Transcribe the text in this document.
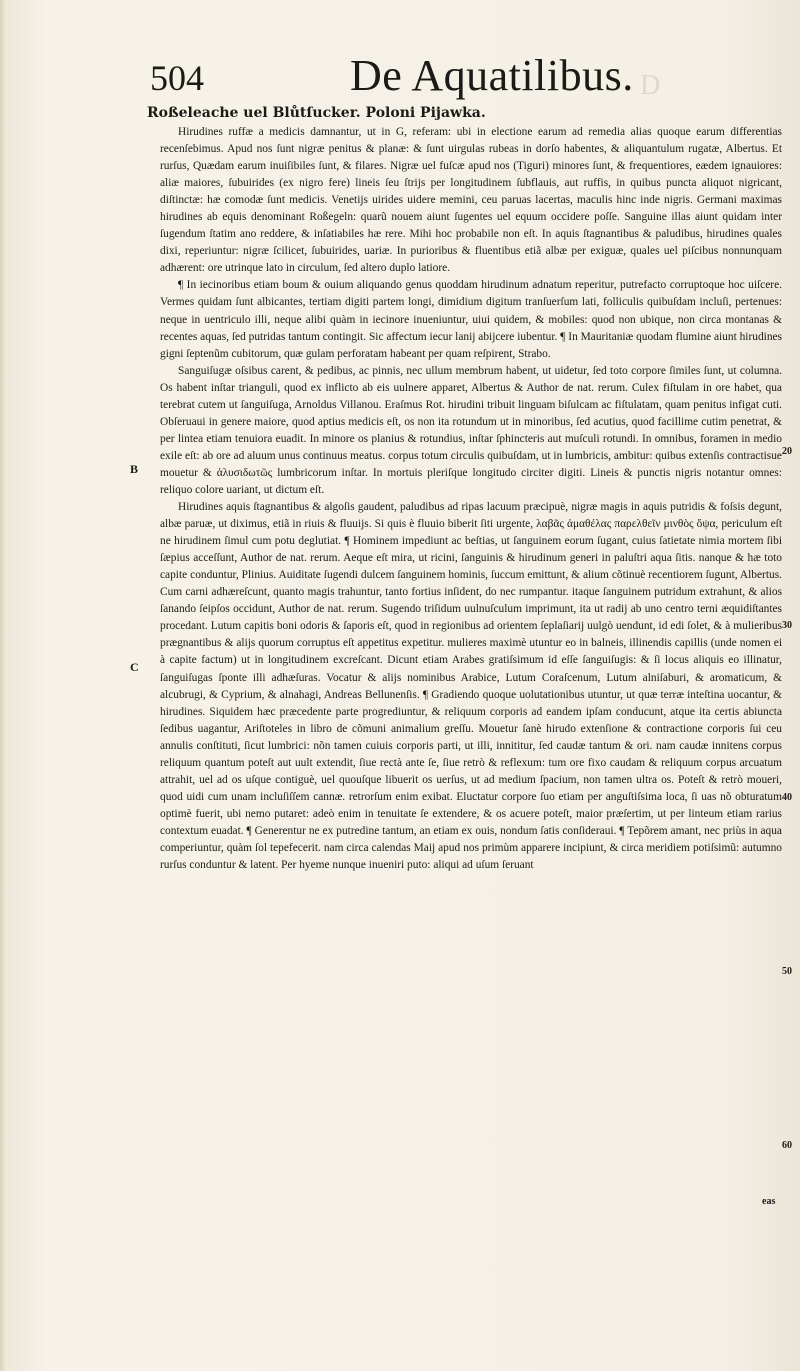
D
504	De Aquatilibus.
Roßeleache uel Blůtſucker. Poloni Pijawka.

Hirudines ruffæ a medicis damnantur, ut in G, referam: ubi in electione earum ad remedia alias quoque earum differentias recenſebimus. Apud nos ſunt nigræ penitus & planæ: & ſunt uirgulas rubeas in dorſo habentes, & aliquantulum rugatæ, Albertus. Et rurſus, Quædam earum inuiſibiles ſunt, & filares. Nigræ uel fuſcæ apud nos (Tiguri) minores ſunt, & frequentiores, eædem ignauiores: aliæ maiores, ſubuirides (ex nigro fere) lineis ſeu ſtrijs per longitudinem ſubflauis, aut ruffis, in quibus puncta aliquot nigricant, diſtinctæ: hæ comodæ ſunt medicis. Venetijs uirides uidere memini, ceu paruas lacertas, maculis hinc inde nigris. Germani maximas hirudines ab equis denominant Roßegeln: quarũ nouem aiunt ſugentes uel equum occidere poſſe. Sanguine illas aiunt quidam inter ſugendum ſtatim ano reddere, & inſatiabiles hæ rere. Mihi hoc probabile non eſt. In aquis ſtagnantibus & paludibus, hirudines quales dixi, reperiuntur: nigræ ſcilicet, ſubuirides, uariæ. In purioribus & fluentibus etiã albæ per exiguæ, quales uel piſcibus nonnunquam adhærent: ore utrinque lato in circulum, ſed altero duplo latiore.

¶ In iecinoribus etiam boum & ouium aliquando genus quoddam hirudinum adnatum reperitur, putrefacto corruptoque hoc uiſcere. Vermes quidam ſunt albicantes, tertiam digiti partem longi, dimidium digitum tranſuerſum lati, folliculis quibuſdam incluſi, pertenues: neque in uentriculo illi, neque alibi quàm in iecinore inueniuntur, uiui quidem, & mobiles: quod non ubique, non circa montanas & recentes aquas, ſed putridas tantum contingit. Sic affectum iecur lanij abijcere iubentur. ¶ In Mauritaniæ quodam flumine aiunt hirudines gigni ſeptenũm cubitorum, quæ gulam perforatam habeant per quam reſpirent, Strabo.

Sanguiſugæ oſsibus carent, & pedibus, ac pinnis, nec ullum membrum habent, ut uidetur, ſed toto corpore ſimiles ſunt, ut columna. Os habent inſtar trianguli, quod ex inflicto ab eis uulnere apparet, Albertus & Author de nat. rerum. Culex fiſtulam in ore habet, qua terebrat cutem ut ſanguiſuga, Arnoldus Villanou. Eraſmus Rot. hirudini tribuit linguam biſulcam ac fiſtulatam, quam penitus infigat cuti. Obſeruaui in genere maiore, quod aptius medicis eſt, os non ita rotundum ut in minoribus, ſed acutius, quod facillime cutim penetrat, & per lintea etiam tenuiora euadit. In minore os planius & rotundius, inſtar ſphincteris aut muſculi rotundi. In omnibus, foramen in medio exile eſt: ab ore ad aluum unus continuus meatus. corpus totum circulis quibuſdam, ut in lumbricis, ambitur: quibus extenſis contractisue mouetur & ἀλυσιδωτῶς lumbricorum inſtar. In mortuis pleriſque longitudo circiter digiti. Lineis & punctis nigris notantur omnes: reliquo colore uariant, ut dictum eſt.

Hirudines aquis ſtagnantibus & algoſis gaudent, paludibus ad ripas lacuum præcipuè, nigræ magis in aquis putridis & foſsis degunt, albæ paruæ, ut diximus, etiã in riuis & fluuijs. Si quis è fluuio biberit ſiti urgente, λαβᾶς ἀμαθέλας παρελθεῖν μινθὸς ὄψα, periculum eſt ne hirudinem ſimul cum potu deglutiat. ¶ Hominem impediunt ac beſtias, ut ſanguinem eorum ſugant, cuius ſatietate nimia mortem ſibi ſæpius acceſſunt, Author de nat. rerum. Aeque eſt mira, ut ricini, ſanguinis & hirudinum generi in paluſtri aqua ſitis. nanque & hæ toto capite conduntur, Plinius. Auiditate ſugendi dulcem ſanguinem hominis, ſuccum emittunt, & alium cõtinuè recentiorem ſugunt, Albertus. Cum carni adhæreſcunt, quanto magis trahuntur, tanto fortius inſident, do nec rumpantur. itaque ſanguinem putridum extrahunt, & alios ſanando ſeipſos occidunt, Author de nat. rerum. Sugendo triſidum uulnuſculum imprimunt, ita ut radij ab uno centro terni æquidiſtantes procedant. Lutum capitis boni odoris & ſaporis eſt, quod in regionibus ad orientem ſeplaſiarij uulgò uendunt, id edi ſolet, & à mulieribus prægnantibus & alijs quorum corruptus eſt appetitus expetitur. mulieres maximè utuntur eo in balneis, illinendis capillis (unde nomen ei à capite factum) ut in longitudinem excreſcant. Dicunt etiam Arabes gratiſsimum id eſſe ſanguiſugis: & ſi locus aliquis eo illinatur, ſanguiſugas ſponte illi adhæſuras. Vocatur & alijs nominibus Arabice, Lutum Coraſcenum, Lutum alniſaburi, & aromaticum, & alcubrugi, & Cyprium, & alnahagi, Andreas Bellunenſis. ¶ Gradiendo quoque uolutationibus utuntur, ut quæ terræ inteſtina uocantur, & hirudines. Siquidem hæc præcedente parte progrediuntur, & reliquum corporis ad eandem ipſam conducunt, atque ita certis abiuncta ſedibus uagantur, Ariſtoteles in libro de cõmuni animalium greſſu. Mouetur ſanè hirudo extenſione & contractione corporis ſui ceu annulis conſtituti, ſicut lumbrici: nõn tamen cuiuis corporis parti, ut illi, innititur, ſed caudæ tantum & ori. nam caudæ innitens corpus reliquum quantum poteſt aut uult extendit, ſiue rectà ante ſe, ſiue retrò & reflexum: tum ore fixo caudam & reliquum corpus arcuatum attrahit, uel ad os uſque contiguè, uel quouſque libuerit os uerſus, ut ad medium ſpacium, non tamen ultra os. Poteſt & retrò moueri, quod uidi cum unam incluſiſſem cannæ. retrorſum enim exibat. Eluctatur corpore ſuo etiam per anguſtiſsima loca, ſi uas nõ obturatum optimè fuerit, ubi nemo putaret: adeò enim in tenuitate ſe extendere, & os acuere poteſt, maior præſertim, ut per linteum etiam rarius contextum euadat. ¶ Generentur ne ex putredine tantum, an etiam ex ouis, nondum ſatis conſideraui. ¶ Tepõrem amant, nec priùs in aqua comperiuntur, quàm ſol tepefecerit. nam circa calendas Maij apud nos primùm apparere incipiunt, & circa meridiem potiſsimũ: autumno rurſus conduntur & latent. Per hyeme nunque inueniri puto: aliqui ad uſum ſeruant

B
C
20
30
40
50
60
eas
